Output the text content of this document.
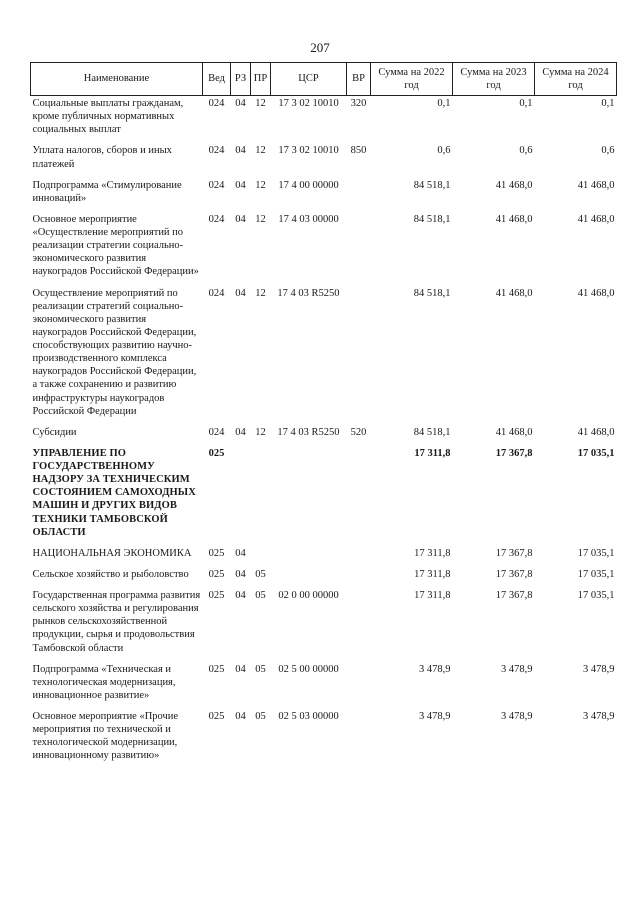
207
Наименование	Вед	РЗ	ПР	ЦСР	ВР	Сумма на 2022 год	Сумма на 2023 год	Сумма на 2024 год
Социальные выплаты гражданам, кроме публичных нормативных социальных выплат	024	04	12	17 3 02 10010	320	0,1	0,1	0,1
Уплата налогов, сборов и иных платежей	024	04	12	17 3 02 10010	850	0,6	0,6	0,6
Подпрограмма «Стимулирование инноваций»	024	04	12	17 4 00 00000		84 518,1	41 468,0	41 468,0
Основное мероприятие «Осуществление мероприятий по реализации стратегии социально-экономического развития наукоградов Российской Федерации»	024	04	12	17 4 03 00000		84 518,1	41 468,0	41 468,0
Осуществление мероприятий по реализации стратегий социально-экономического развития наукоградов Российской Федерации, способствующих развитию научно-производственного комплекса наукоградов Российской Федерации, а также сохранению и развитию инфраструктуры наукоградов Российской Федерации	024	04	12	17 4 03 R5250		84 518,1	41 468,0	41 468,0
Субсидии	024	04	12	17 4 03 R5250	520	84 518,1	41 468,0	41 468,0
УПРАВЛЕНИЕ ПО ГОСУДАРСТВЕННОМУ НАДЗОРУ ЗА ТЕХНИЧЕСКИМ СОСТОЯНИЕМ САМОХОДНЫХ МАШИН И ДРУГИХ ВИДОВ ТЕХНИКИ ТАМБОВСКОЙ ОБЛАСТИ	025					17 311,8	17 367,8	17 035,1
НАЦИОНАЛЬНАЯ ЭКОНОМИКА	025	04				17 311,8	17 367,8	17 035,1
Сельское хозяйство и рыболовство	025	04	05			17 311,8	17 367,8	17 035,1
Государственная программа развития сельского хозяйства и регулирования рынков сельскохозяйственной продукции, сырья и продовольствия Тамбовской области	025	04	05	02 0 00 00000		17 311,8	17 367,8	17 035,1
Подпрограмма «Техническая и технологическая модернизация, инновационное развитие»	025	04	05	02 5 00 00000		3 478,9	3 478,9	3 478,9
Основное мероприятие «Прочие мероприятия по технической и технологической модернизации, инновационному развитию»	025	04	05	02 5 03 00000		3 478,9	3 478,9	3 478,9
